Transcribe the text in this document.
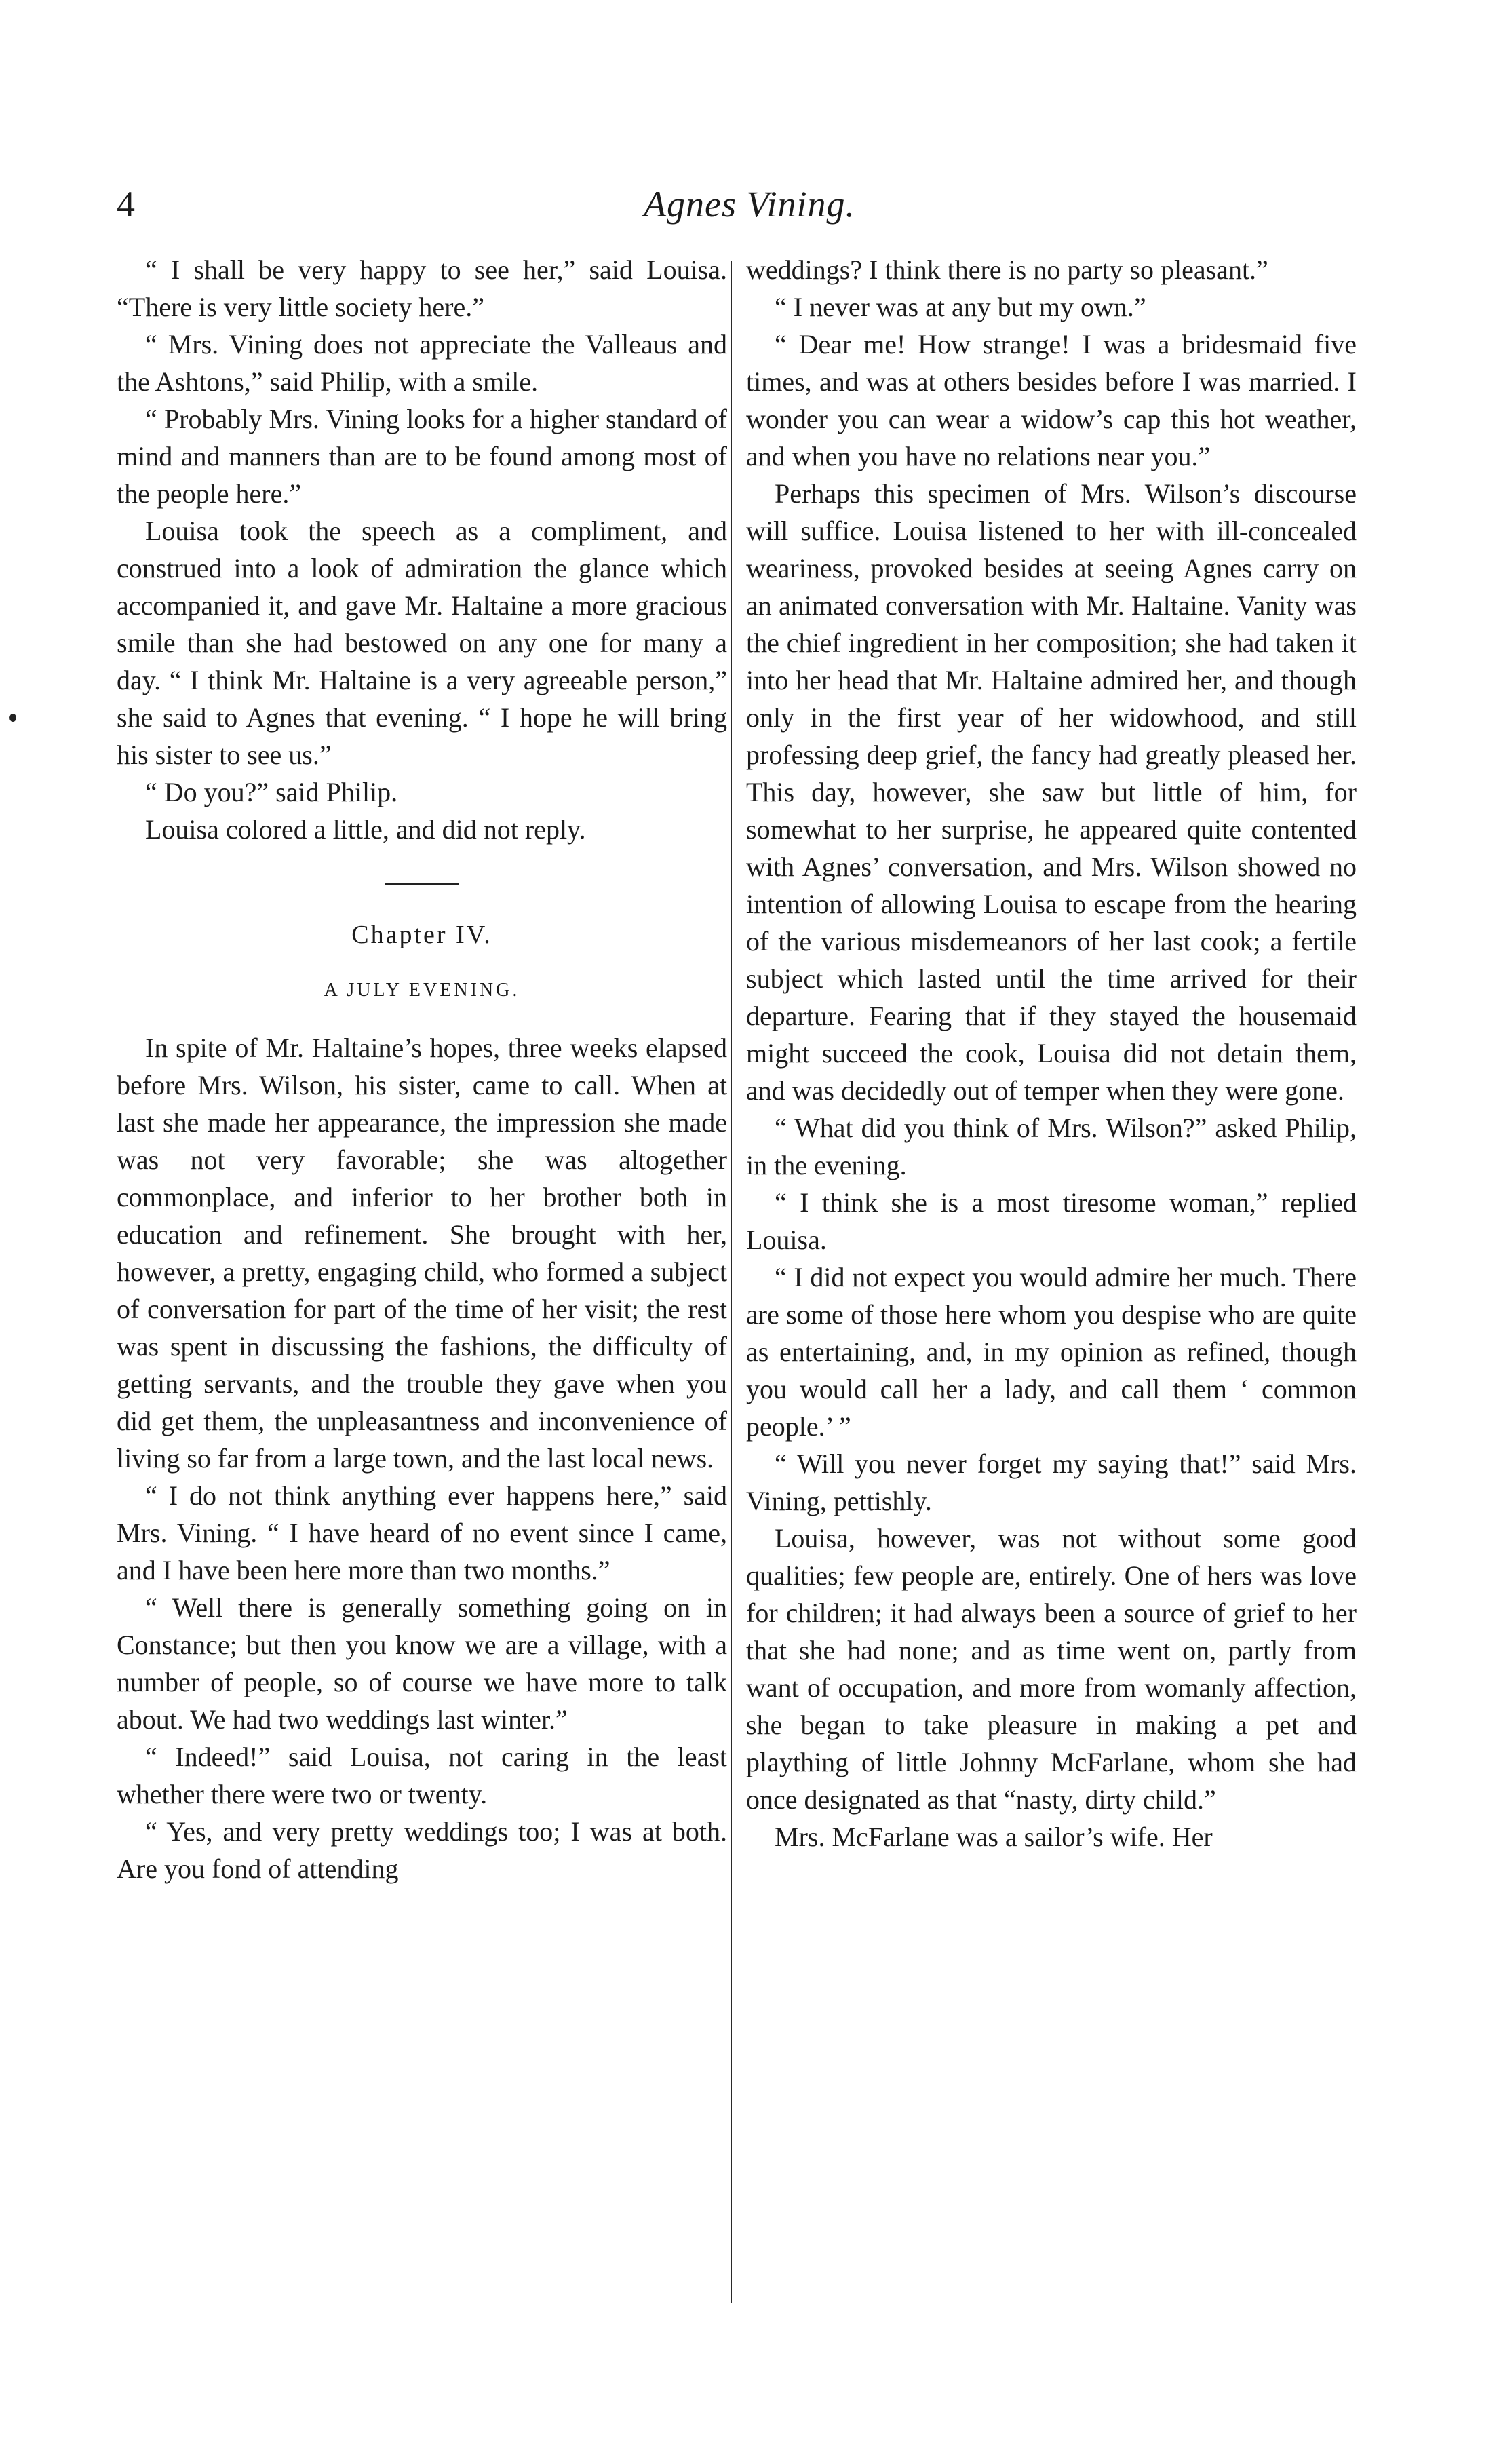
4	Agnes Vining.

“ I shall be very happy to see her,” said Louisa. “There is very little society here.”

“ Mrs. Vining does not appreciate the Valleaus and the Ashtons,” said Philip, with a smile.

“ Probably Mrs. Vining looks for a higher standard of mind and manners than are to be found among most of the people here.”

Louisa took the speech as a compliment, and construed into a look of admiration the glance which accompanied it, and gave Mr. Haltaine a more gracious smile than she had bestowed on any one for many a day. “ I think Mr. Haltaine is a very agreeable person,” she said to Agnes that evening. “ I hope he will bring his sister to see us.”

“ Do you?” said Philip.

Louisa colored a little, and did not reply.

Chapter IV.
A JULY EVENING.

In spite of Mr. Haltaine’s hopes, three weeks elapsed before Mrs. Wilson, his sister, came to call. When at last she made her appearance, the impression she made was not very favorable; she was altogether commonplace, and inferior to her brother both in education and refinement. She brought with her, however, a pretty, engaging child, who formed a subject of conversation for part of the time of her visit; the rest was spent in discussing the fashions, the difficulty of getting servants, and the trouble they gave when you did get them, the unpleasantness and inconvenience of living so far from a large town, and the last local news.

“ I do not think anything ever happens here,” said Mrs. Vining. “ I have heard of no event since I came, and I have been here more than two months.”

“ Well there is generally something going on in Constance; but then you know we are a village, with a number of people, so of course we have more to talk about. We had two weddings last winter.”

“ Indeed!” said Louisa, not caring in the least whether there were two or twenty.

“ Yes, and very pretty weddings too; I was at both. Are you fond of attending

weddings? I think there is no party so pleasant.”

“ I never was at any but my own.”

“ Dear me! How strange! I was a bridesmaid five times, and was at others besides before I was married. I wonder you can wear a widow’s cap this hot weather, and when you have no relations near you.”

Perhaps this specimen of Mrs. Wilson’s discourse will suffice. Louisa listened to her with ill-concealed weariness, provoked besides at seeing Agnes carry on an animated conversation with Mr. Haltaine. Vanity was the chief ingredient in her composition; she had taken it into her head that Mr. Haltaine admired her, and though only in the first year of her widowhood, and still professing deep grief, the fancy had greatly pleased her. This day, however, she saw but little of him, for somewhat to her surprise, he appeared quite contented with Agnes’ conversation, and Mrs. Wilson showed no intention of allowing Louisa to escape from the hearing of the various misdemeanors of her last cook; a fertile subject which lasted until the time arrived for their departure. Fearing that if they stayed the housemaid might succeed the cook, Louisa did not detain them, and was decidedly out of temper when they were gone.

“ What did you think of Mrs. Wilson?” asked Philip, in the evening.

“ I think she is a most tiresome woman,” replied Louisa.

“ I did not expect you would admire her much. There are some of those here whom you despise who are quite as entertaining, and, in my opinion as refined, though you would call her a lady, and call them ‘ common people.’ ”

“ Will you never forget my saying that!” said Mrs. Vining, pettishly.

Louisa, however, was not without some good qualities; few people are, entirely. One of hers was love for children; it had always been a source of grief to her that she had none; and as time went on, partly from want of occupation, and more from womanly affection, she began to take pleasure in making a pet and plaything of little Johnny McFarlane, whom she had once designated as that “nasty, dirty child.”

Mrs. McFarlane was a sailor’s wife. Her
